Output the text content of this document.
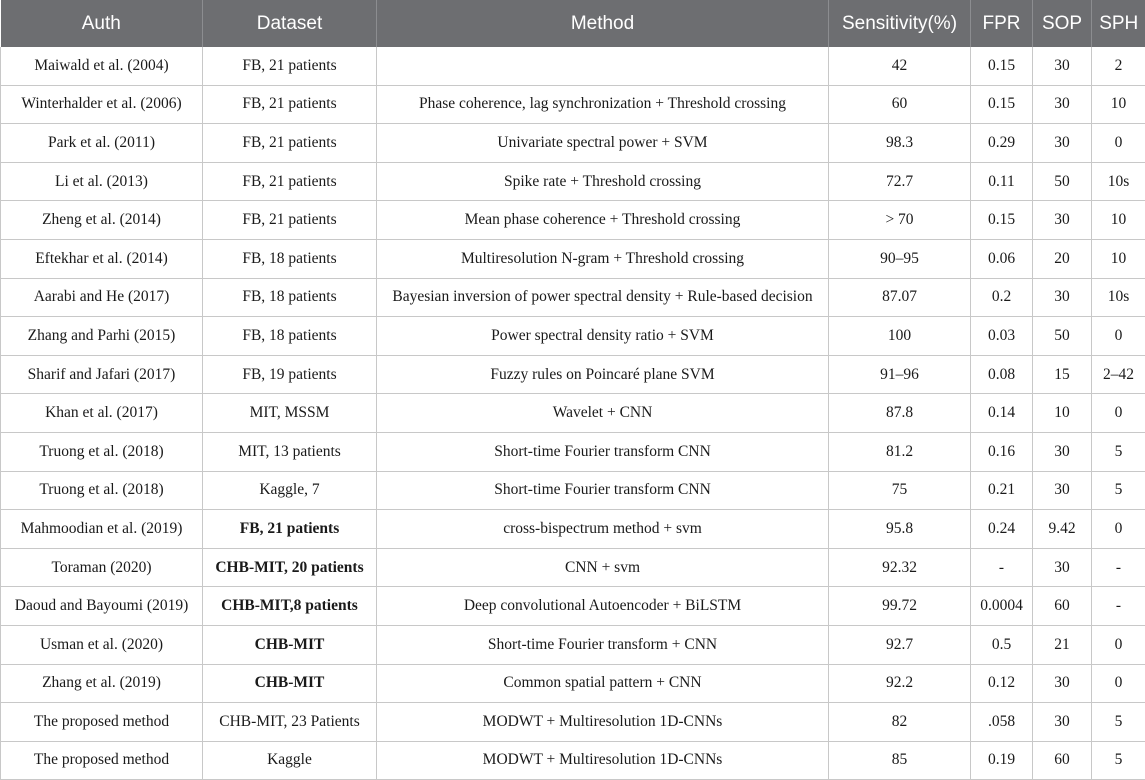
Auth	Dataset	Method	Sensitivity(%)	FPR	SOP	SPH
Maiwald et al. (2004)	FB, 21 patients		42	0.15	30	2
Winterhalder et al. (2006)	FB, 21 patients	Phase coherence, lag synchronization + Threshold crossing	60	0.15	30	10
Park et al. (2011)	FB, 21 patients	Univariate spectral power + SVM	98.3	0.29	30	0
Li et al. (2013)	FB, 21 patients	Spike rate + Threshold crossing	72.7	0.11	50	10s
Zheng et al. (2014)	FB, 21 patients	Mean phase coherence + Threshold crossing	> 70	0.15	30	10
Eftekhar et al. (2014)	FB, 18 patients	Multiresolution N-gram + Threshold crossing	90–95	0.06	20	10
Aarabi and He (2017)	FB, 18 patients	Bayesian inversion of power spectral density + Rule-based decision	87.07	0.2	30	10s
Zhang and Parhi (2015)	FB, 18 patients	Power spectral density ratio + SVM	100	0.03	50	0
Sharif and Jafari (2017)	FB, 19 patients	Fuzzy rules on Poincaré plane SVM	91–96	0.08	15	2–42
Khan et al. (2017)	MIT, MSSM	Wavelet + CNN	87.8	0.14	10	0
Truong et al. (2018)	MIT, 13 patients	Short-time Fourier transform CNN	81.2	0.16	30	5
Truong et al. (2018)	Kaggle, 7	Short-time Fourier transform CNN	75	0.21	30	5
Mahmoodian et al. (2019)	FB, 21 patients	cross-bispectrum method + svm	95.8	0.24	9.42	0
Toraman (2020)	CHB-MIT, 20 patients	CNN + svm	92.32	-	30	-
Daoud and Bayoumi (2019)	CHB-MIT,8 patients	Deep convolutional Autoencoder + BiLSTM	99.72	0.0004	60	-
Usman et al. (2020)	CHB-MIT	Short-time Fourier transform + CNN	92.7	0.5	21	0
Zhang et al. (2019)	CHB-MIT	Common spatial pattern + CNN	92.2	0.12	30	0
The proposed method	CHB-MIT, 23 Patients	MODWT + Multiresolution 1D-CNNs	82	.058	30	5
The proposed method	Kaggle	MODWT + Multiresolution 1D-CNNs	85	0.19	60	5
